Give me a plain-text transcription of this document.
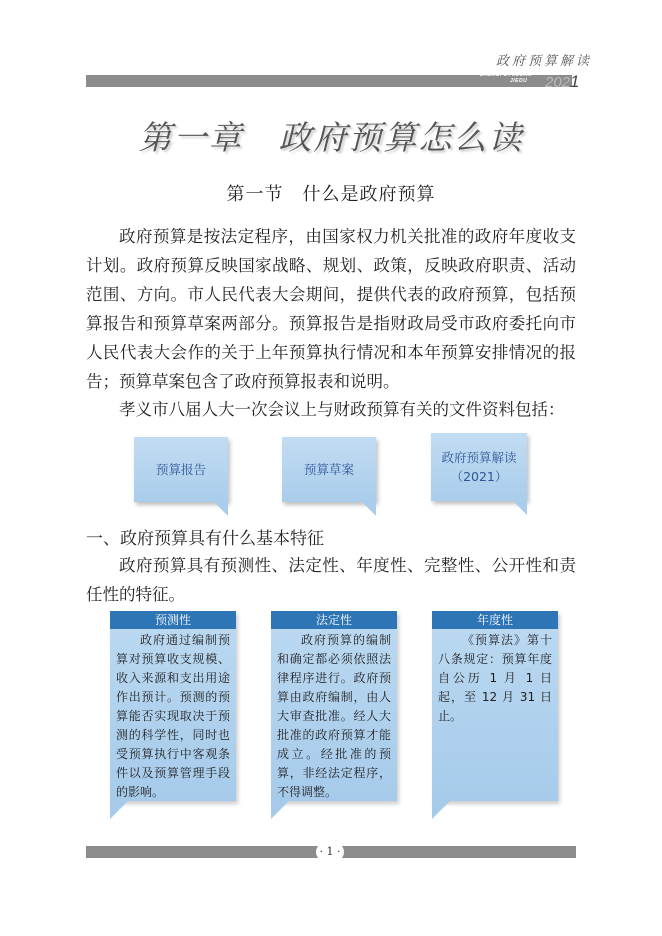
政府预算解读
ZHENGFUYUSUAN
JIEDU	2021
第一章　政府预算怎么读
第一节　什么是政府预算

政府预算是按法定程序，由国家权力机关批准的政府年度收支计划。政府预算反映国家战略、规划、政策，反映政府职责、活动范围、方向。市人民代表大会期间，提供代表的政府预算，包括预算报告和预算草案两部分。预算报告是指财政局受市政府委托向市人民代表大会作的关于上年预算执行情况和本年预算安排情况的报告；预算草案包含了政府预算报表和说明。

孝义市八届人大一次会议上与财政预算有关的文件资料包括：

预算报告	预算草案
政府预算解读
（2021）
一、政府预算具有什么基本特征

政府预算具有预测性、法定性、年度性、完整性、公开性和责任性的特征。

预测性
政府通过编制预算对预算收支规模、收入来源和支出用途作出预计。预测的预算能否实现取决于预测的科学性，同时也受预算执行中客观条件以及预算管理手段的影响。
法定性
政府预算的编制和确定都必须依照法律程序进行。政府预算由政府编制，由人大审查批准。经人大批准的政府预算才能成立。经批准的预算，非经法定程序，不得调整。
年度性
《预算法》第十八条规定：预算年度自公历 1 月 1 日起，至 12 月 31 日止。
· 1 ·
